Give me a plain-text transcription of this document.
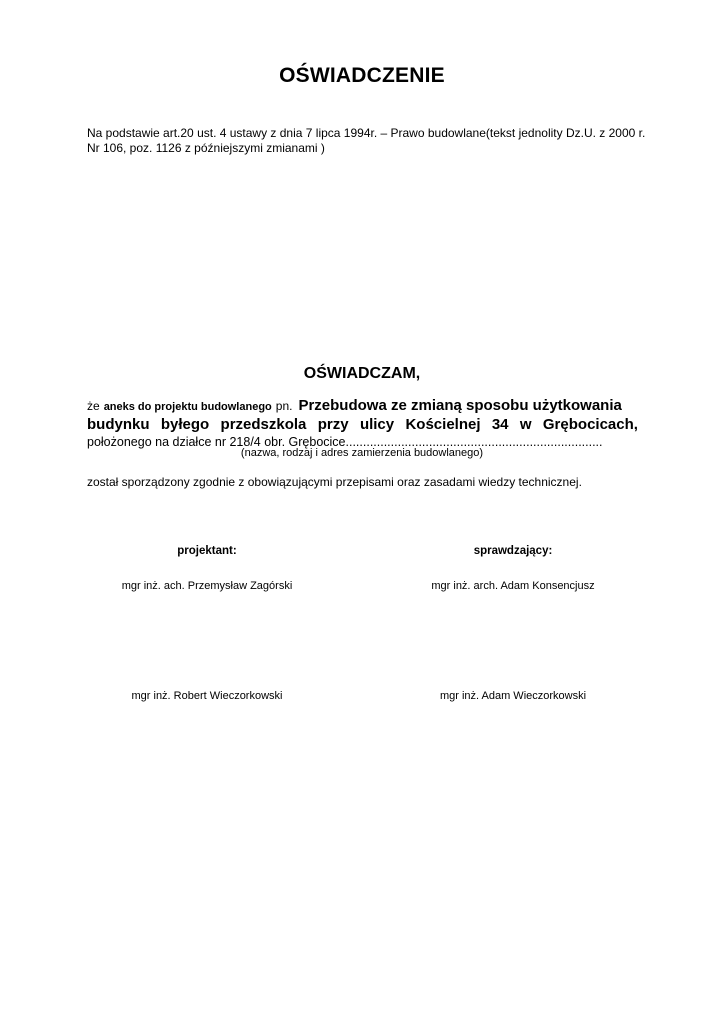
OŚWIADCZENIE
Na podstawie art.20 ust. 4 ustawy z dnia 7 lipca 1994r. – Prawo budowlane(tekst jednolity Dz.U. z 2000 r. Nr 106, poz. 1126 z późniejszymi zmianami )
OŚWIADCZAM,
że aneks do projektu budowlanego pn. Przebudowa ze zmianą sposobu użytkowania
budynku byłego przedszkola przy ulicy Kościelnej 34 w Grębocicach,
położonego na działce nr 218/4 obr. Grębocice..........................................................................
(nazwa, rodzaj i adres zamierzenia budowlanego)
został sporządzony zgodnie z obowiązującymi przepisami oraz zasadami wiedzy technicznej.
projektant:	sprawdzający:
mgr inż. ach. Przemysław Zagórski	mgr inż. arch. Adam Konsencjusz
mgr inż. Robert Wieczorkowski	mgr inż. Adam Wieczorkowski
